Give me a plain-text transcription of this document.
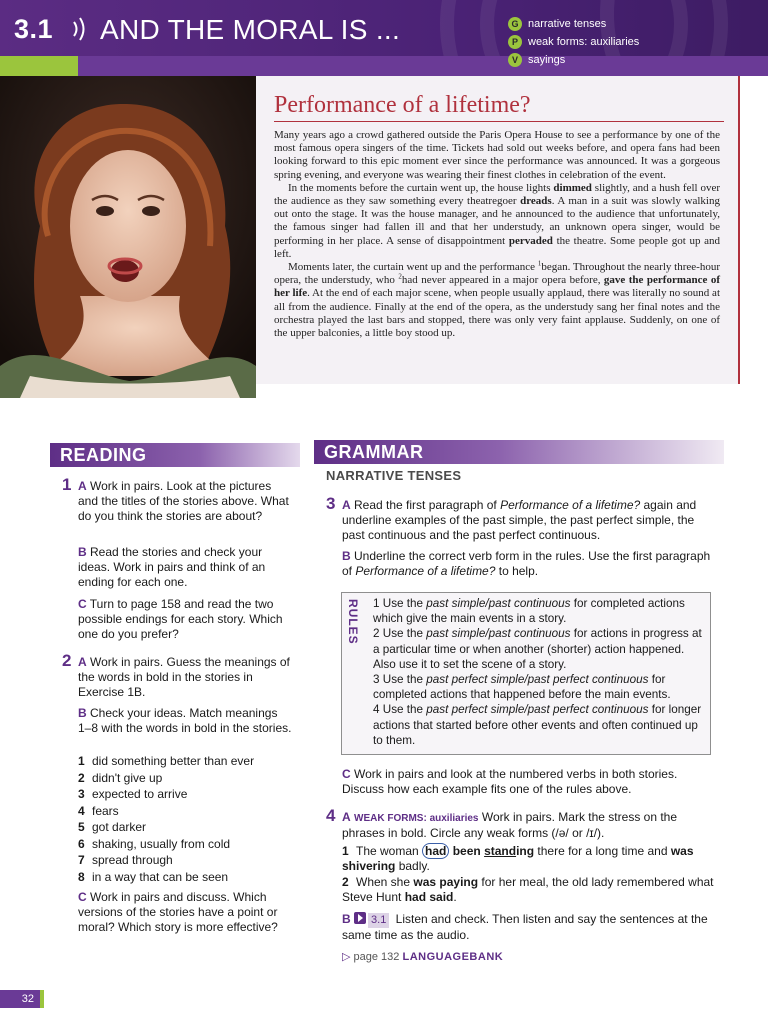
3.1 AND THE MORAL IS ...	G narrative tenses
P weak forms: auxiliaries
V sayings
Performance of a lifetime?

Many years ago a crowd gathered outside the Paris Opera House to see a performance by one of the most famous opera singers of the time. Tickets had sold out weeks before, and opera fans had been looking forward to this epic moment ever since the performance was announced. It was a gorgeous spring evening, and everyone was wearing their finest clothes in celebration of the event.

In the moments before the curtain went up, the house lights dimmed slightly, and a hush fell over the audience as they saw something every theatregoer dreads. A man in a suit was slowly walking out onto the stage. It was the house manager, and he announced to the audience that unfortunately, the famous singer had fallen ill and that her understudy, an unknown opera singer, would be performing in her place. A sense of disappointment pervaded the theatre. Some people got up and left.

Moments later, the curtain went up and the performance $^1$began. Throughout the nearly three-hour opera, the understudy, who $^2$had never appeared in a major opera before, gave the performance of her life. At the end of each major scene, when people usually applaud, there was literally no sound at all from the audience. Finally at the end of the opera, as the understudy sang her final notes and the orchestra played the last bars and stopped, there was only very faint applause. Suddenly, on one of the upper balconies, a little boy stood up.

READING
1 A Work in pairs. Look at the pictures and the titles of the stories above. What do you think the stories are about?
B Read the stories and check your ideas. Work in pairs and think of an ending for each one.
C Turn to page 158 and read the two possible endings for each story. Which one do you prefer?
2 A Work in pairs. Guess the meanings of the words in bold in the stories in Exercise 1B.
B Check your ideas. Match meanings 1–8 with the words in bold in the stories.
1 did something better than ever
2 didn't give up
3 expected to arrive
4 fears
5 got darker
6 shaking, usually from cold
7 spread through
8 in a way that can be seen
C Work in pairs and discuss. Which versions of the stories have a point or moral? Which story is more effective?
GRAMMAR
NARRATIVE TENSES
3 A Read the first paragraph of Performance of a lifetime? again and underline examples of the past simple, the past perfect simple, the past continuous and the past perfect continuous.
B Underline the correct verb form in the rules. Use the first paragraph of Performance of a lifetime? to help.
RULES 1 Use the past simple/past continuous for completed actions which give the main events in a story.
2 Use the past simple/past continuous for actions in progress at a particular time or when another (shorter) action happened. Also use it to set the scene of a story.
3 Use the past perfect simple/past perfect continuous for completed actions that happened before the main events.
4 Use the past perfect simple/past perfect continuous for longer actions that started before other events and often continued up to them.
C Work in pairs and look at the numbered verbs in both stories. Discuss how each example fits one of the rules above.
4 A WEAK FORMS: auxiliaries Work in pairs. Mark the stress on the phrases in bold. Circle any weak forms (/ə/ or /ɪ/).
1 The woman had been standing there for a long time and was shivering badly.
2 When she was paying for her meal, the old lady remembered what Steve Hunt had said.
B 3.1 Listen and check. Then listen and say the sentences at the same time as the audio.
▷ page 132 LANGUAGEBANK
32
